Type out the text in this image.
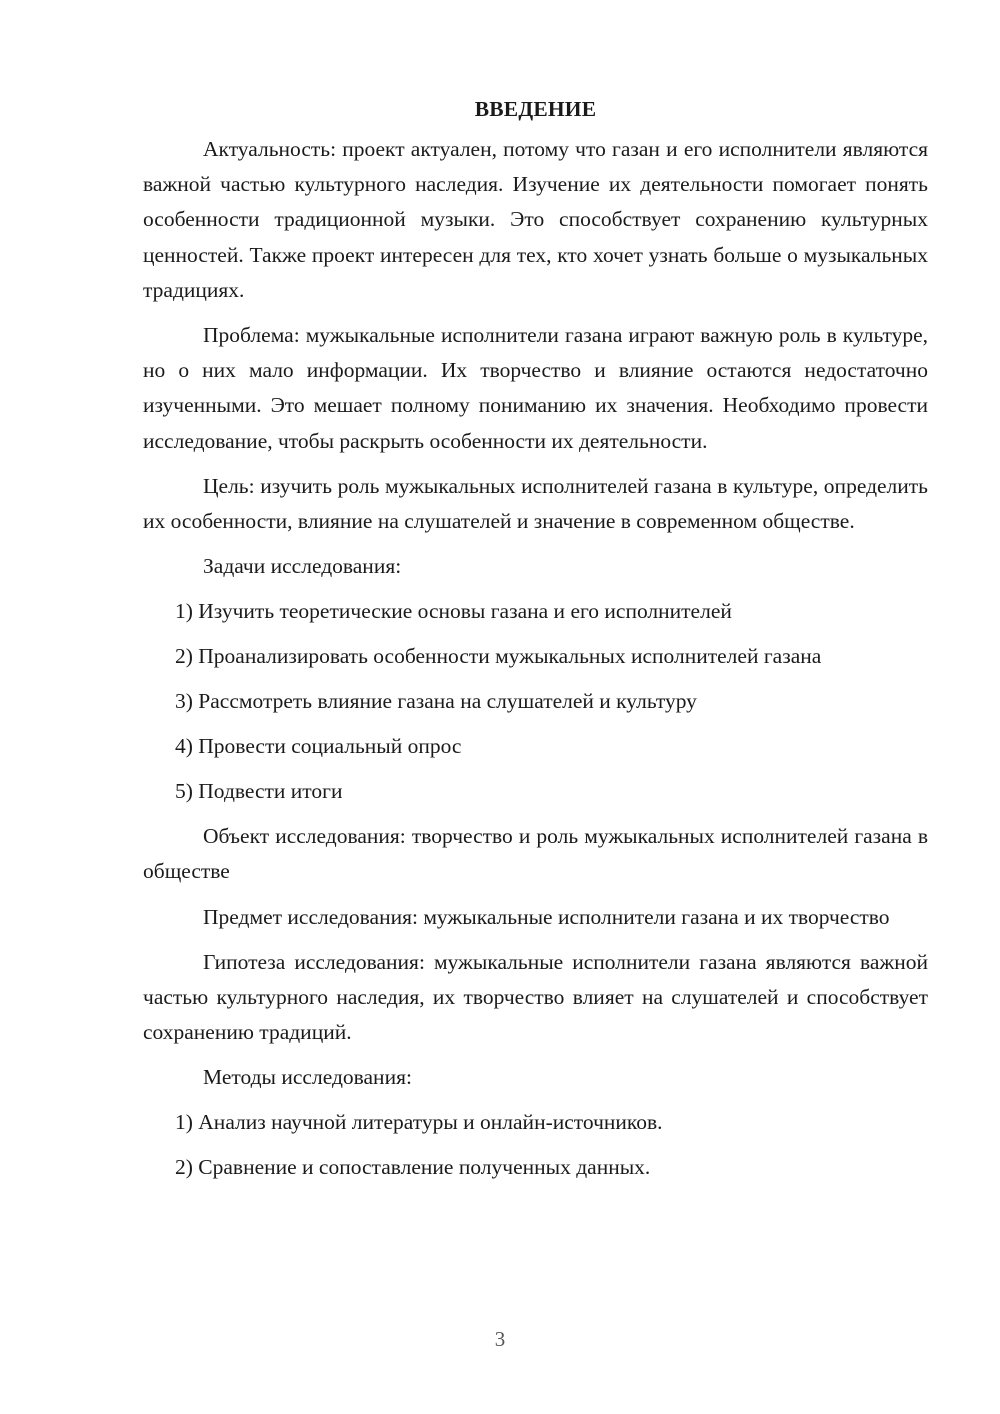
ВВЕДЕНИЕ

Актуальность: проект актуален, потому что газан и его исполнители являются важной частью культурного наследия. Изучение их деятельности помогает понять особенности традиционной музыки. Это способствует сохранению культурных ценностей. Также проект интересен для тех, кто хочет узнать больше о музыкальных традициях.

Проблема: мужыкальные исполнители газана играют важную роль в культуре, но о них мало информации. Их творчество и влияние остаются недостаточно изученными. Это мешает полному пониманию их значения. Необходимо провести исследование, чтобы раскрыть особенности их деятельности.

Цель: изучить роль мужыкальных исполнителей газана в культуре, определить их особенности, влияние на слушателей и значение в современном обществе.

Задачи исследования:
1) Изучить теоретические основы газана и его исполнителей
2) Проанализировать особенности мужыкальных исполнителей газана
3) Рассмотреть влияние газана на слушателей и культуру
4) Провести социальный опрос
5) Подвести итоги

Объект исследования: творчество и роль мужыкальных исполнителей газана в обществе

Предмет исследования: мужыкальные исполнители газана и их творчество

Гипотеза исследования: мужыкальные исполнители газана являются важной частью культурного наследия, их творчество влияет на слушателей и способствует сохранению традиций.

Методы исследования:
1) Анализ научной литературы и онлайн-источников.
2) Сравнение и сопоставление полученных данных.
3
